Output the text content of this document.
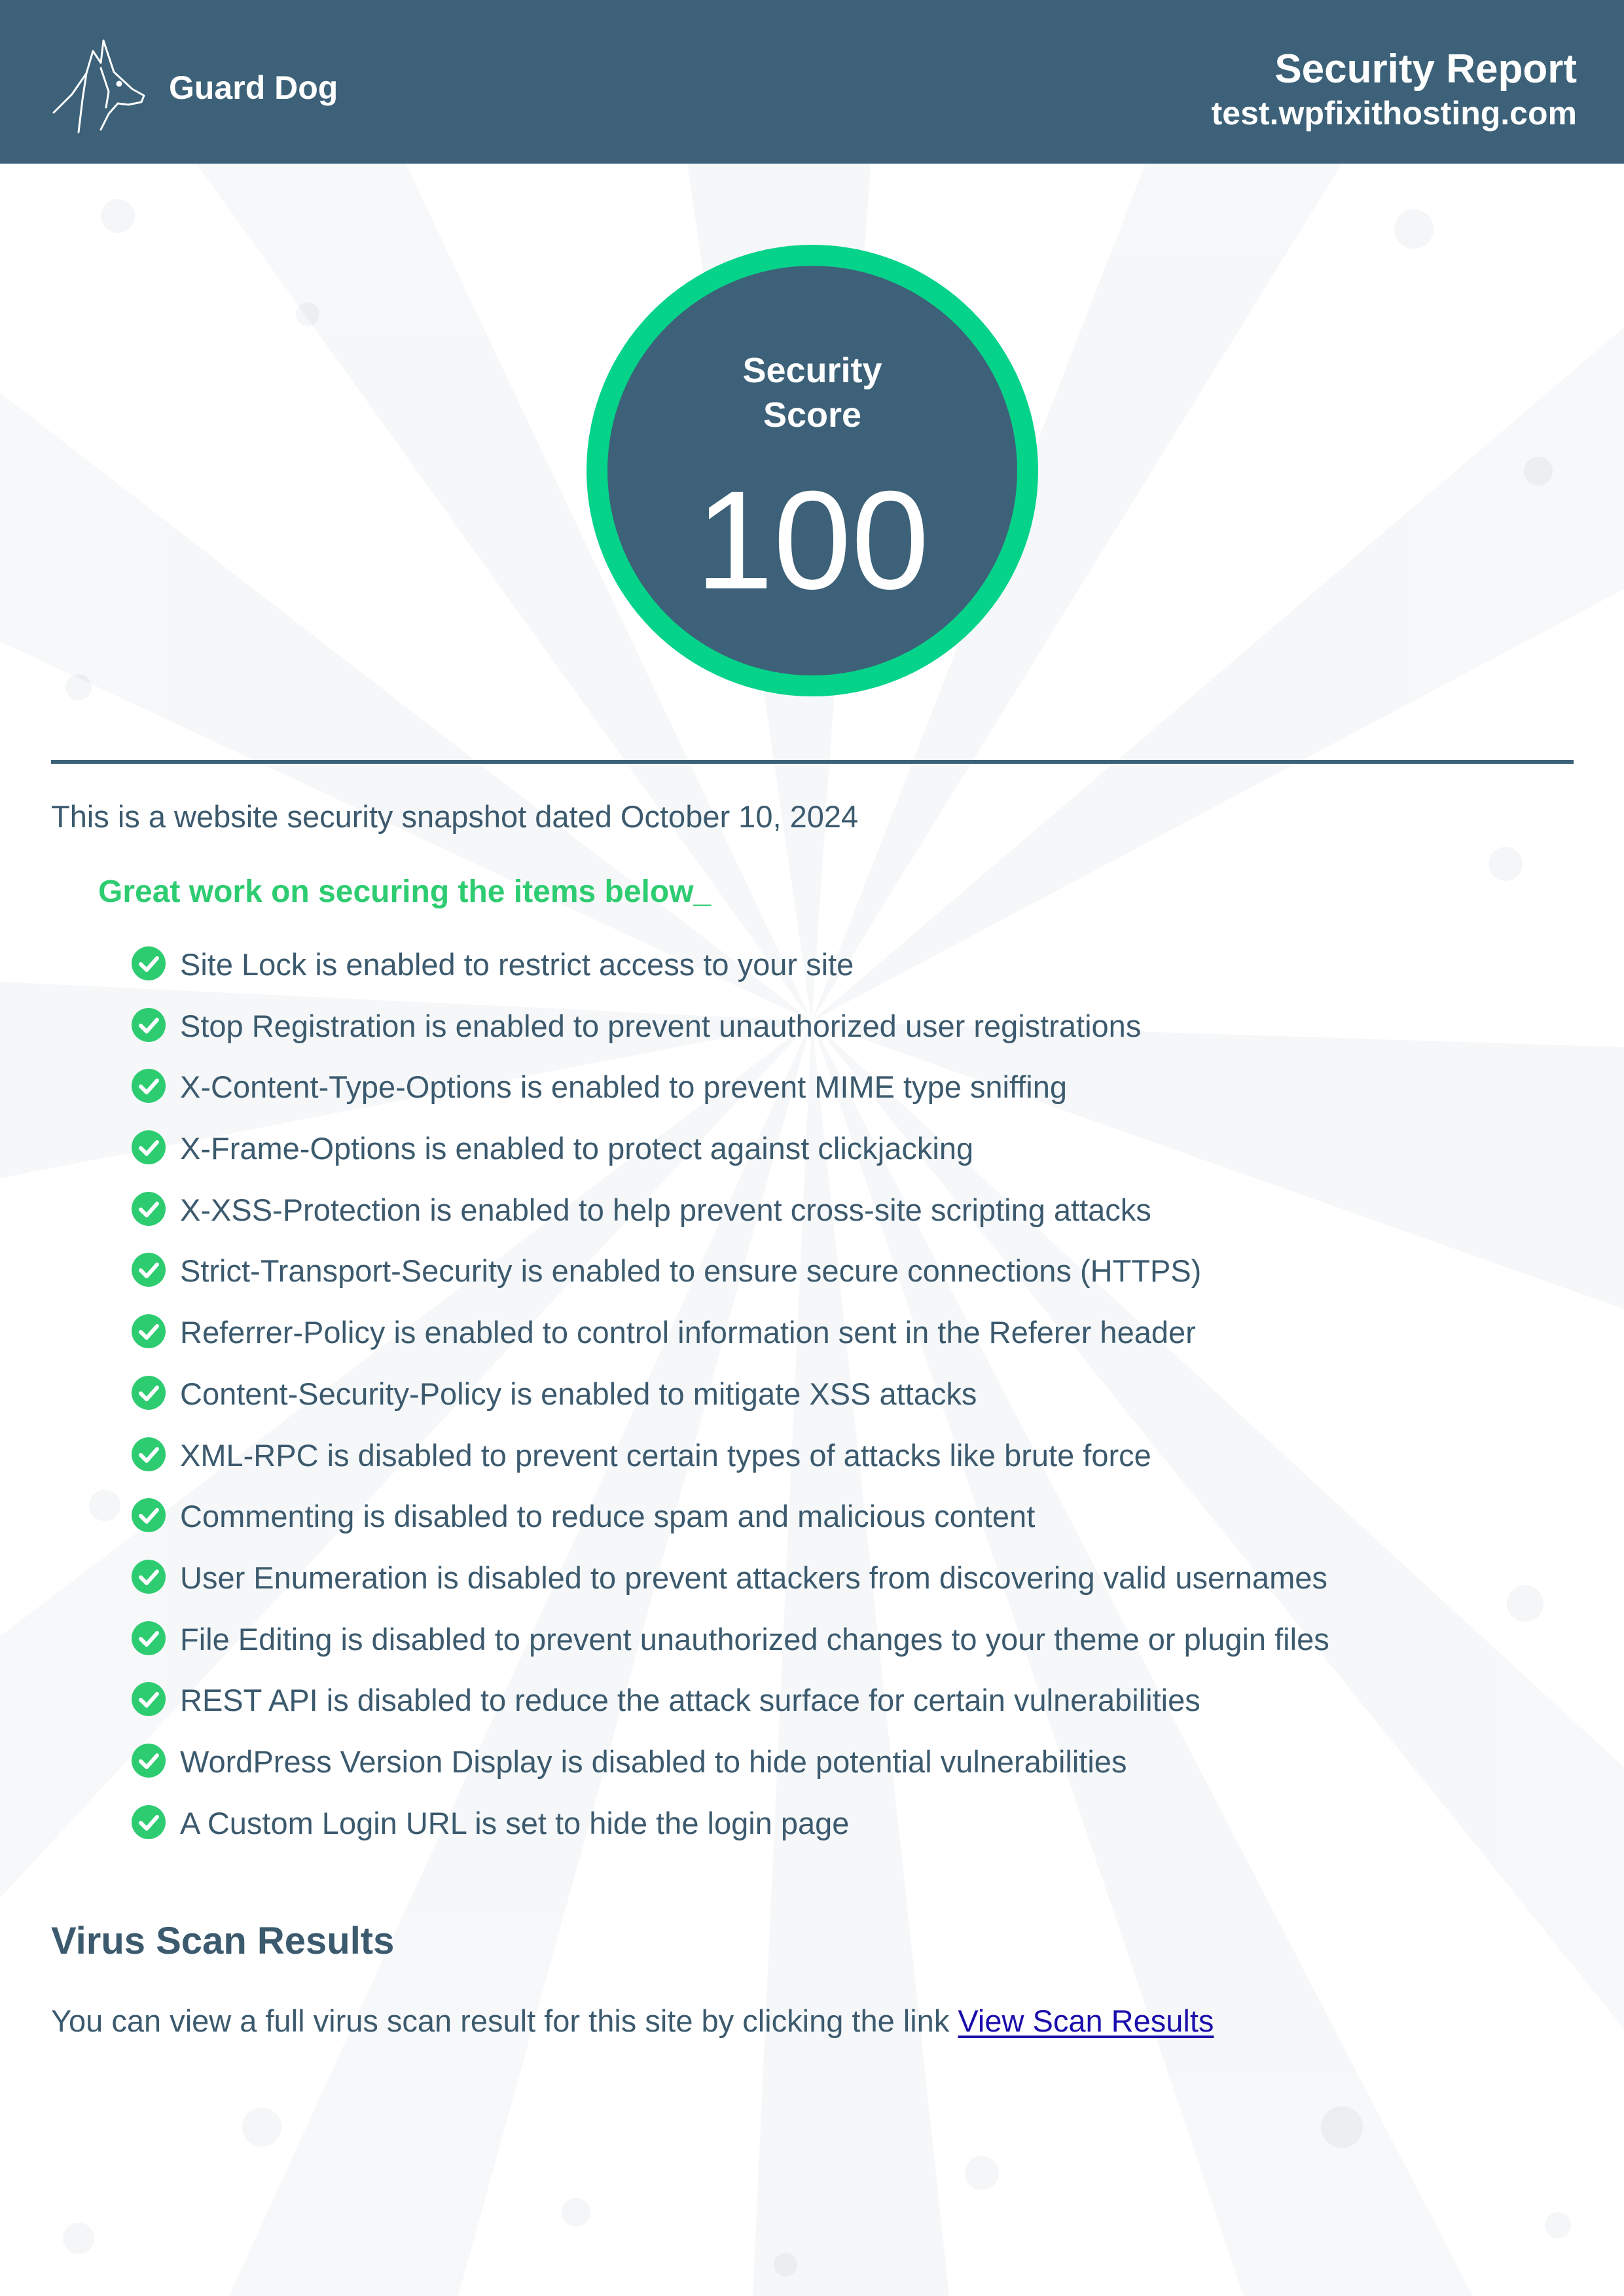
Guard Dog	Security Report
test.wpfixithosting.com
Security
Score
100
This is a website security snapshot dated October 10, 2024
Great work on securing the items below_
Site Lock is enabled to restrict access to your site
Stop Registration is enabled to prevent unauthorized user registrations
X-Content-Type-Options is enabled to prevent MIME type sniffing
X-Frame-Options is enabled to protect against clickjacking
X-XSS-Protection is enabled to help prevent cross-site scripting attacks
Strict-Transport-Security is enabled to ensure secure connections (HTTPS)
Referrer-Policy is enabled to control information sent in the Referer header
Content-Security-Policy is enabled to mitigate XSS attacks
XML-RPC is disabled to prevent certain types of attacks like brute force
Commenting is disabled to reduce spam and malicious content
User Enumeration is disabled to prevent attackers from discovering valid usernames
File Editing is disabled to prevent unauthorized changes to your theme or plugin files
REST API is disabled to reduce the attack surface for certain vulnerabilities
WordPress Version Display is disabled to hide potential vulnerabilities
A Custom Login URL is set to hide the login page
Virus Scan Results
You can view a full virus scan result for this site by clicking the link View Scan Results
